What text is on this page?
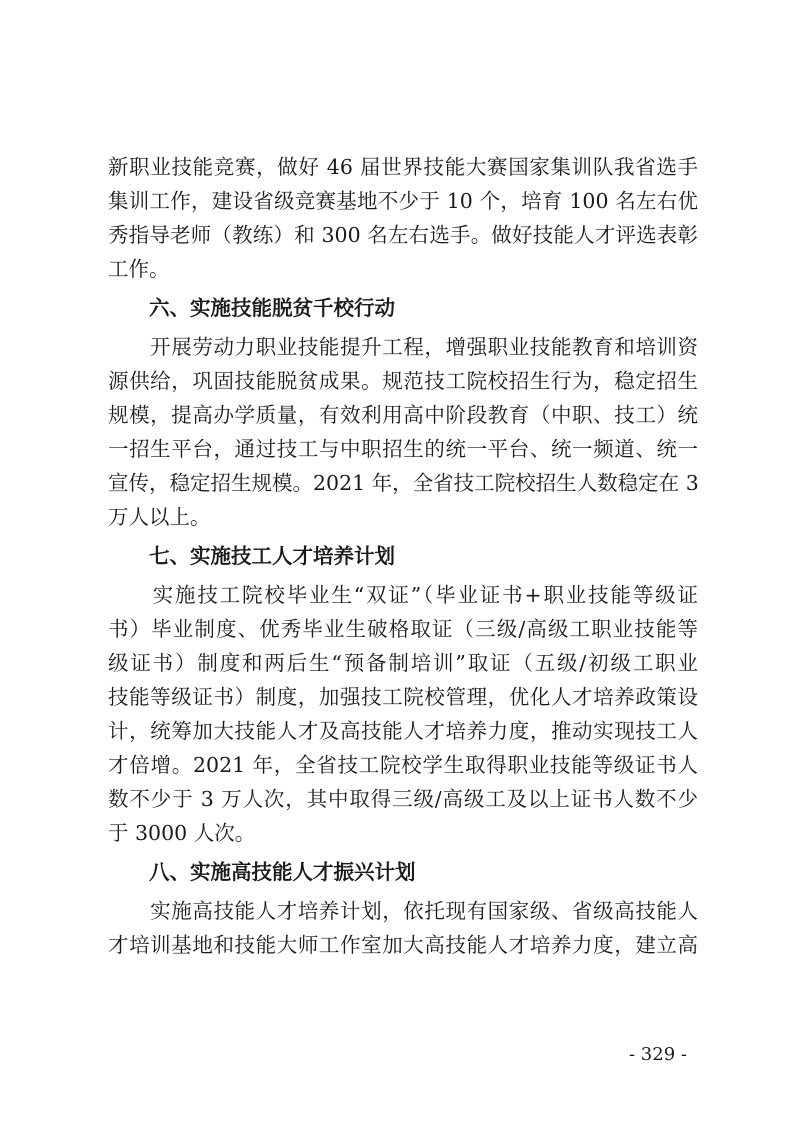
新职业技能竞赛，做好 46 届世界技能大赛国家集训队我省选手
集训工作，建设省级竞赛基地不少于 10 个，培育 100 名左右优
秀指导老师（教练）和 300 名左右选手。做好技能人才评选表彰
工作。
六、实施技能脱贫千校行动
　　开展劳动力职业技能提升工程，增强职业技能教育和培训资
源供给，巩固技能脱贫成果。规范技工院校招生行为，稳定招生
规模，提高办学质量，有效利用高中阶段教育（中职、技工）统
一招生平台，通过技工与中职招生的统一平台、统一频道、统一
宣传，稳定招生规模。2021 年，全省技工院校招生人数稳定在 3
万人以上。
七、实施技工人才培养计划
　　实施技工院校毕业生“双证”（毕业证书+职业技能等级证
书）毕业制度、优秀毕业生破格取证（三级/高级工职业技能等
级证书）制度和两后生“预备制培训”取证（五级/初级工职业
技能等级证书）制度，加强技工院校管理，优化人才培养政策设
计，统筹加大技能人才及高技能人才培养力度，推动实现技工人
才倍增。2021 年，全省技工院校学生取得职业技能等级证书人
数不少于 3 万人次，其中取得三级/高级工及以上证书人数不少
于 3000 人次。
八、实施高技能人才振兴计划
　　实施高技能人才培养计划，依托现有国家级、省级高技能人
才培训基地和技能大师工作室加大高技能人才培养力度，建立高
- 329 -
